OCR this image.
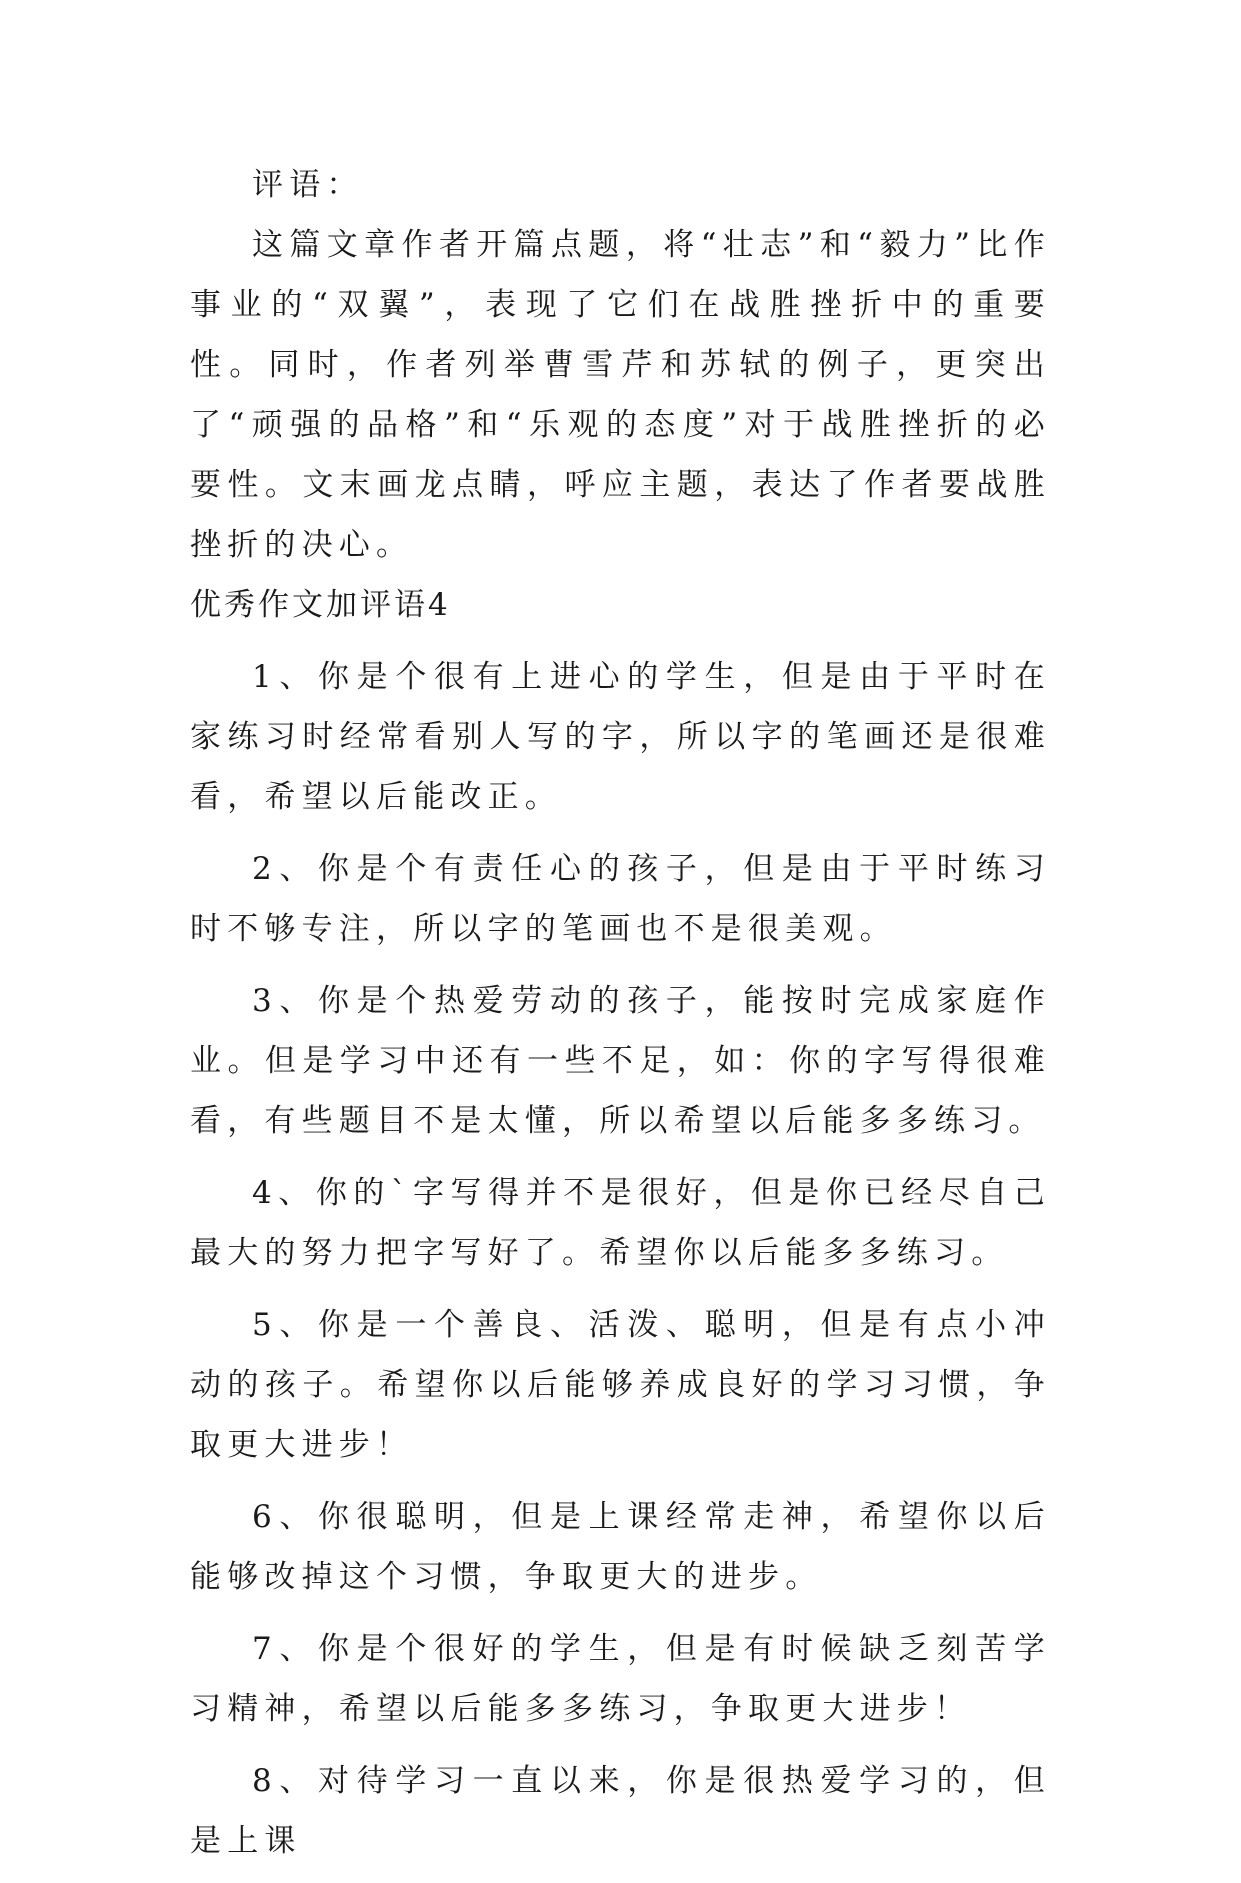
评语：

这篇文章作者开篇点题，将“壮志”和“毅力”比作事业的“双翼”，表现了它们在战胜挫折中的重要性。同时，作者列举曹雪芹和苏轼的例子，更突出了“顽强的品格”和“乐观的态度”对于战胜挫折的必要性。文末画龙点睛，呼应主题，表达了作者要战胜挫折的决心。

优秀作文加评语4

1、你是个很有上进心的学生，但是由于平时在家练习时经常看别人写的字，所以字的笔画还是很难看，希望以后能改正。

2、你是个有责任心的孩子，但是由于平时练习时不够专注，所以字的笔画也不是很美观。

3、你是个热爱劳动的孩子，能按时完成家庭作业。但是学习中还有一些不足，如：你的字写得很难看，有些题目不是太懂，所以希望以后能多多练习。

4、你的`字写得并不是很好，但是你已经尽自己最大的努力把字写好了。希望你以后能多多练习。

5、你是一个善良、活泼、聪明，但是有点小冲动的孩子。希望你以后能够养成良好的学习习惯，争取更大进步！

6、你很聪明，但是上课经常走神，希望你以后能够改掉这个习惯，争取更大的进步。

7、你是个很好的学生，但是有时候缺乏刻苦学习精神，希望以后能多多练习，争取更大进步！

8、对待学习一直以来，你是很热爱学习的，但是上课
